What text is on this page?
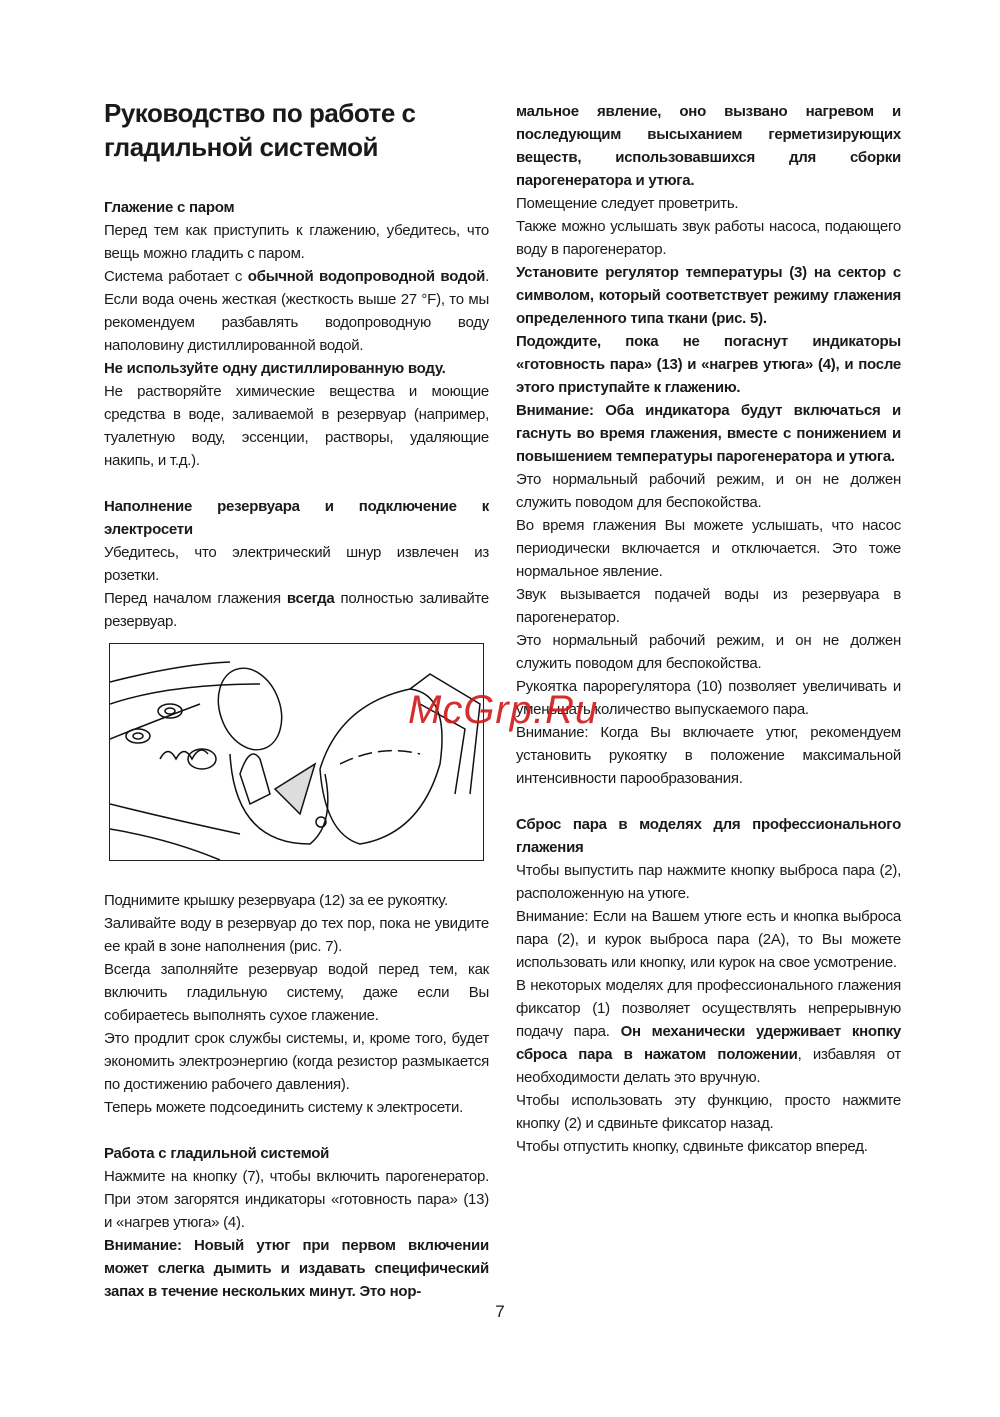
Руководство по работе с гладильной системой

Глажение с паром

Перед тем как приступить к глажению, убедитесь, что вещь можно гладить с паром.

Система работает с обычной водопроводной водой. Если вода очень жесткая (жесткость выше 27 °F), то мы рекомендуем разбавлять водопроводную воду наполовину дистиллированной водой.

Не используйте одну дистиллированную воду.

Не растворяйте химические вещества и моющие средства в воде, заливаемой в резервуар (например, туалетную воду, эссенции, растворы, удаляющие накипь, и т.д.).

Наполнение резервуара и подключение к электросети

Убедитесь, что электрический шнур извлечен из розетки.

Перед началом глажения всегда полностью заливайте резервуар.

Поднимите крышку резервуара (12) за ее рукоятку.

Заливайте воду в резервуар до тех пор, пока не увидите ее край в зоне наполнения (рис. 7).

Всегда заполняйте резервуар водой перед тем, как включить гладильную систему, даже если Вы собираетесь выполнять сухое глажение.

Это продлит срок службы системы, и, кроме того, будет экономить электроэнергию (когда резистор размыкается по достижению рабочего давления).

Теперь можете подсоединить систему к электросети.

Работа с гладильной системой

Нажмите на кнопку (7), чтобы включить парогенератор. При этом загорятся индикаторы «готовность пара» (13) и «нагрев утюга» (4).

Внимание: Новый утюг при первом включении может слегка дымить и издавать специфический запах в течение нескольких минут. Это нор-

мальное явление, оно вызвано нагревом и последующим высыханием герметизирующих веществ, использовавшихся для сборки парогенератора и утюга.

Помещение следует проветрить.

Также можно услышать звук работы насоса, подающего воду в парогенератор.

Установите регулятор температуры (3) на сектор с символом, который соответствует режиму глажения определенного типа ткани (рис. 5).

Подождите, пока не погаснут индикаторы «готовность пара» (13) и «нагрев утюга» (4), и после этого приступайте к глажению.

Внимание: Оба индикатора будут включаться и гаснуть во время глажения, вместе с понижением и повышением температуры парогенератора и утюга.

Это нормальный рабочий режим, и он не должен служить поводом для беспокойства.

Во время глажения Вы можете услышать, что насос периодически включается и отключается. Это тоже нормальное явление.

Звук вызывается подачей воды из резервуара в парогенератор.

Это нормальный рабочий режим, и он не должен служить поводом для беспокойства.

Рукоятка парорегулятора (10) позволяет увеличивать и уменьшать количество выпускаемого пара.

Внимание: Когда Вы включаете утюг, рекомендуем установить рукоятку в положение максимальной интенсивности парообразования.

Сброс пара в моделях для профессионального глажения

Чтобы выпустить пар нажмите кнопку выброса пара (2), расположенную на утюге.

Внимание: Если на Вашем утюге есть и кнопка выброса пара (2), и курок выброса пара (2А), то Вы можете использовать или кнопку, или курок на свое усмотрение.

В некоторых моделях для профессионального глажения фиксатор (1) позволяет осуществлять непрерывную подачу пара. Он механически удерживает кнопку сброса пара в нажатом положении, избавляя от необходимости делать это вручную.

Чтобы использовать эту функцию, просто нажмите кнопку (2) и сдвиньте фиксатор назад.

Чтобы отпустить кнопку, сдвиньте фиксатор вперед.

McGrp.Ru
7
